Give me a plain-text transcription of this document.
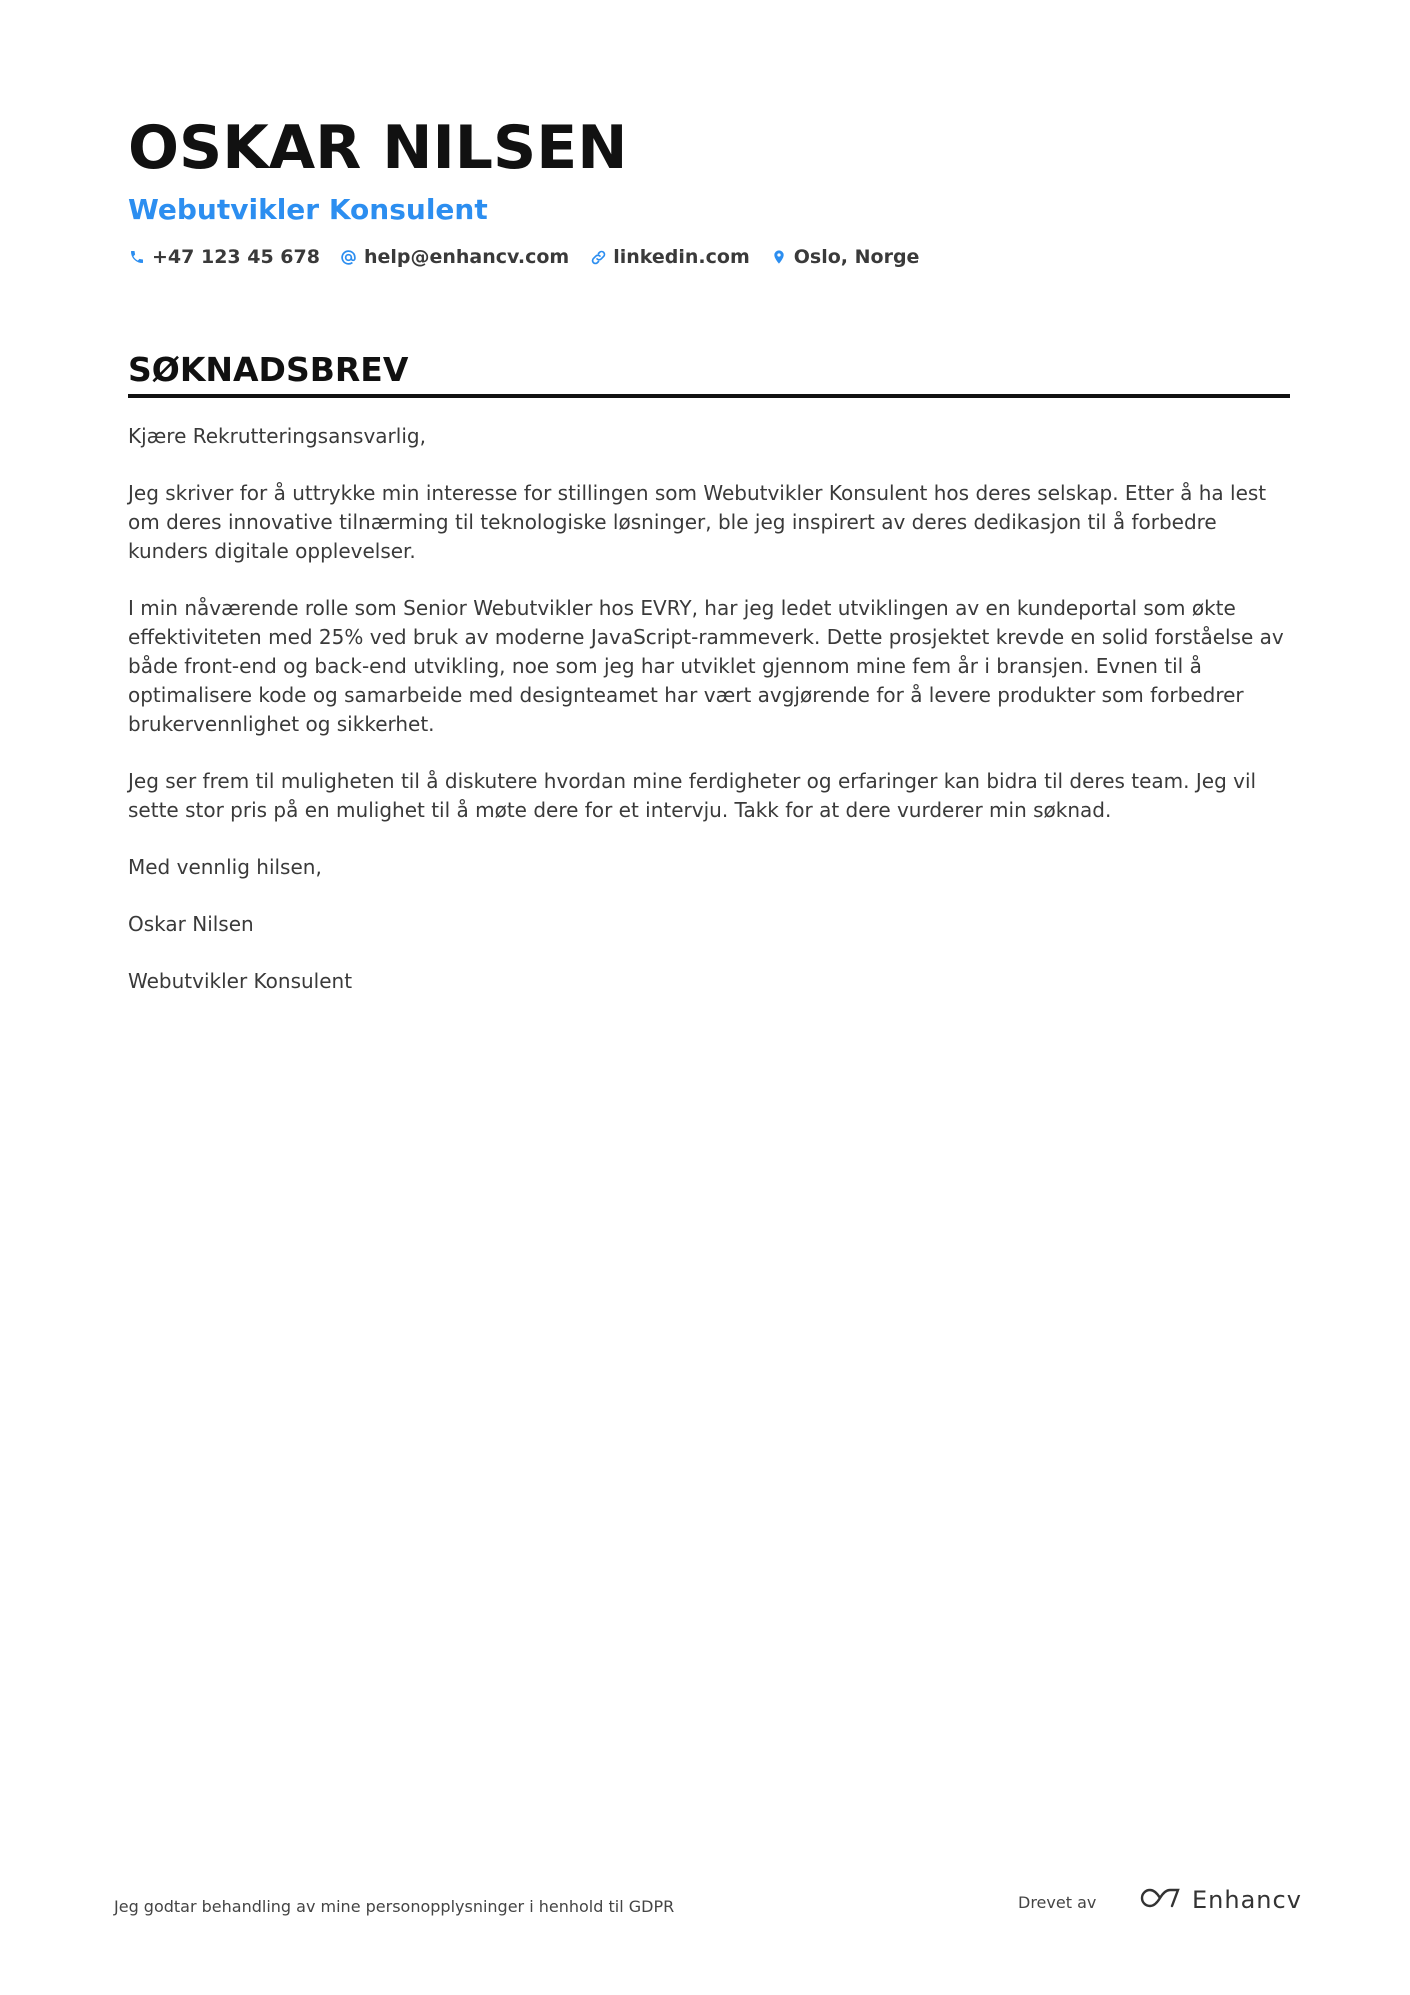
OSKAR NILSEN
Webutvikler Konsulent
+47 123 45 678 help@enhancv.com linkedin.com Oslo, Norge
SØKNADSBREV

Kjære Rekrutteringsansvarlig,

Jeg skriver for å uttrykke min interesse for stillingen som Webutvikler Konsulent hos deres selskap. Etter å ha lest om deres innovative tilnærming til teknologiske løsninger, ble jeg inspirert av deres dedikasjon til å forbedre kunders digitale opplevelser.

I min nåværende rolle som Senior Webutvikler hos EVRY, har jeg ledet utviklingen av en kundeportal som økte effektiviteten med 25% ved bruk av moderne JavaScript-rammeverk. Dette prosjektet krevde en solid forståelse av både front-end og back-end utvikling, noe som jeg har utviklet gjennom mine fem år i bransjen. Evnen til å optimalisere kode og samarbeide med designteamet har vært avgjørende for å levere produkter som forbedrer brukervennlighet og sikkerhet.

Jeg ser frem til muligheten til å diskutere hvordan mine ferdigheter og erfaringer kan bidra til deres team. Jeg vil sette stor pris på en mulighet til å møte dere for et intervju. Takk for at dere vurderer min søknad.

Med vennlig hilsen,

Oskar Nilsen

Webutvikler Konsulent

Jeg godtar behandling av mine personopplysninger i henhold til GDPR	Drevet av	Enhancv
